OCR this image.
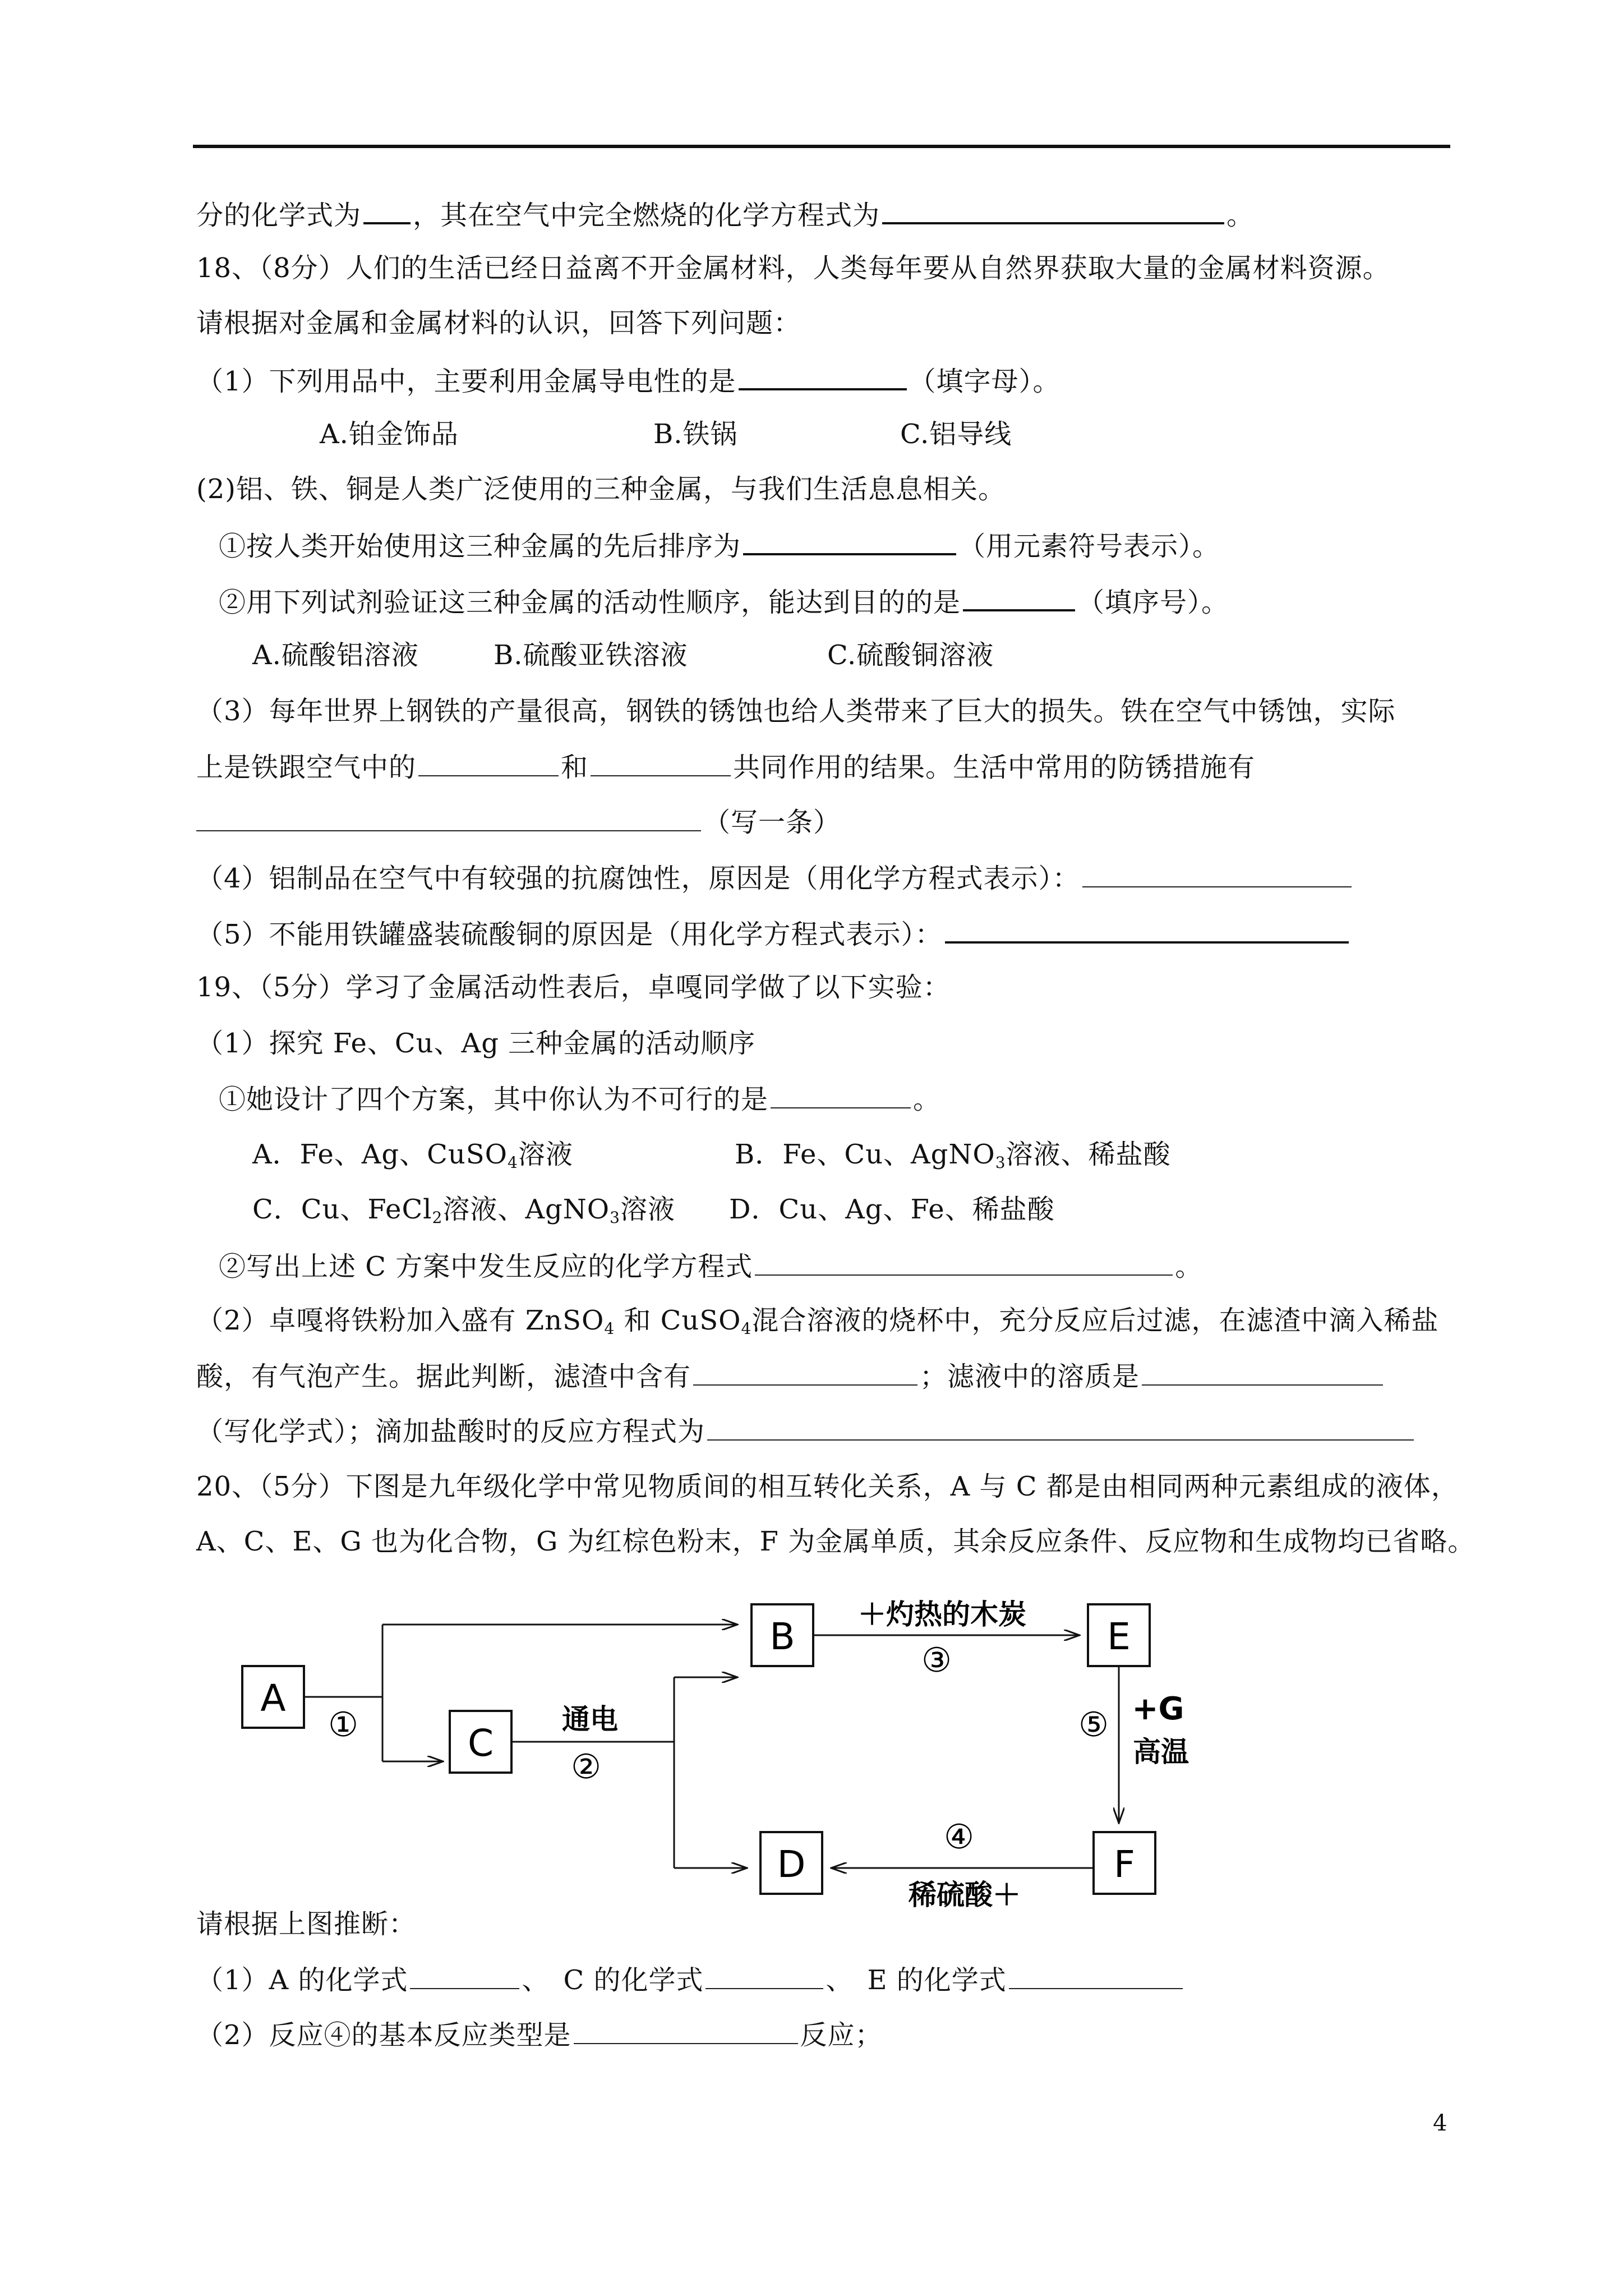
分的化学式为 ，其在空气中完全燃烧的化学方程式为	。
18、（8分）人们的生活已经日益离不开金属材料，人类每年要从自然界获取大量的金属材料资源。
请根据对金属和金属材料的认识，回答下列问题：
（1）下列用品中，主要利用金属导电性的是	（填字母）。
A.铂金饰品	B.铁锅	C.铝导线
(2)铝、铁、铜是人类广泛使用的三种金属，与我们生活息息相关。
①按人类开始使用这三种金属的先后排序为	（用元素符号表示）。
②用下列试剂验证这三种金属的活动性顺序，能达到目的的是	（填序号）。
A.硫酸铝溶液	B.硫酸亚铁溶液	C.硫酸铜溶液
（3）每年世界上钢铁的产量很高，钢铁的锈蚀也给人类带来了巨大的损失。铁在空气中锈蚀，实际
上是铁跟空气中的	和	共同作用的结果。生活中常用的防锈措施有
（写一条）
（4）铝制品在空气中有较强的抗腐蚀性，原因是（用化学方程式表示）：
（5）不能用铁罐盛装硫酸铜的原因是（用化学方程式表示）：
19、（5分）学习了金属活动性表后，卓嘎同学做了以下实验：
（1）探究 Fe、Cu、Ag 三种金属的活动顺序
①她设计了四个方案，其中你认为不可行的是	。
A．Fe、Ag、CuSO$_4$溶液	B．Fe、Cu、AgNO$_3$溶液、稀盐酸
C．Cu、FeCl$_2$溶液、AgNO$_3$溶液 D．Cu、Ag、Fe、稀盐酸
②写出上述 C 方案中发生反应的化学方程式	。
（2）卓嘎将铁粉加入盛有 ZnSO$_4$ 和 CuSO$_4$混合溶液的烧杯中，充分反应后过滤，在滤渣中滴入稀盐
酸，有气泡产生。据此判断，滤渣中含有	；滤液中的溶质是
（写化学式）；滴加盐酸时的反应方程式为
20、（5分）下图是九年级化学中常见物质间的相互转化关系，A 与 C 都是由相同两种元素组成的液体，
A、C、E、G 也为化合物，G 为红棕色粉末，F 为金属单质，其余反应条件、反应物和生成物均已省略。
请根据上图推断：
（1）A 的化学式	、　C 的化学式	、　E 的化学式
（2）反应④的基本反应类型是	反应；
A
B
C
D
E
F
①	通电
②
＋灼热的木炭
③
⑤ +G
高温
④
稀硫酸＋
4
